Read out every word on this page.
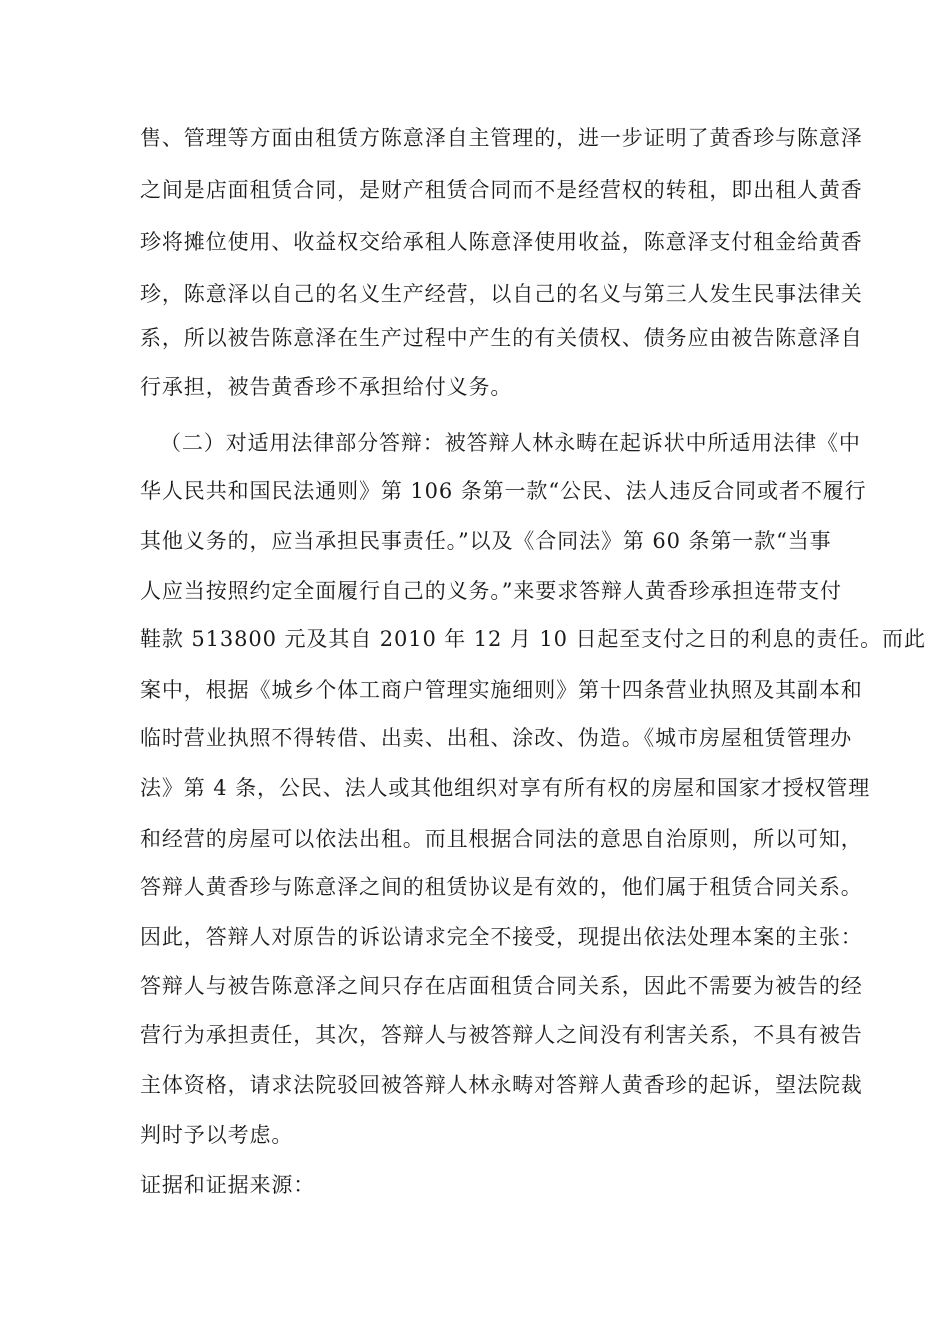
售、管理等方面由租赁方陈意泽自主管理的，进一步证明了黄香珍与陈意泽
之间是店面租赁合同，是财产租赁合同而不是经营权的转租，即出租人黄香
珍将摊位使用、收益权交给承租人陈意泽使用收益，陈意泽支付租金给黄香
珍，陈意泽以自己的名义生产经营，以自己的名义与第三人发生民事法律关
系，所以被告陈意泽在生产过程中产生的有关债权、债务应由被告陈意泽自
行承担，被告黄香珍不承担给付义务。
（二）对适用法律部分答辩：被答辩人林永畴在起诉状中所适用法律《中
华人民共和国民法通则》第 106 条第一款“公民、法人违反合同或者不履行
其他义务的，应当承担民事责任。”以及《合同法》第 60 条第一款“当事
人应当按照约定全面履行自己的义务。”来要求答辩人黄香珍承担连带支付
鞋款 513800 元及其自 2010 年 12 月 10 日起至支付之日的利息的责任。而此
案中，根据《城乡个体工商户管理实施细则》第十四条营业执照及其副本和
临时营业执照不得转借、出卖、出租、涂改、伪造。《城市房屋租赁管理办
法》第 4 条，公民、法人或其他组织对享有所有权的房屋和国家才授权管理
和经营的房屋可以依法出租。而且根据合同法的意思自治原则，所以可知，
答辩人黄香珍与陈意泽之间的租赁协议是有效的，他们属于租赁合同关系。
因此，答辩人对原告的诉讼请求完全不接受，现提出依法处理本案的主张：
答辩人与被告陈意泽之间只存在店面租赁合同关系，因此不需要为被告的经
营行为承担责任，其次，答辩人与被答辩人之间没有利害关系，不具有被告
主体资格，请求法院驳回被答辩人林永畴对答辩人黄香珍的起诉，望法院裁
判时予以考虑。
证据和证据来源：
